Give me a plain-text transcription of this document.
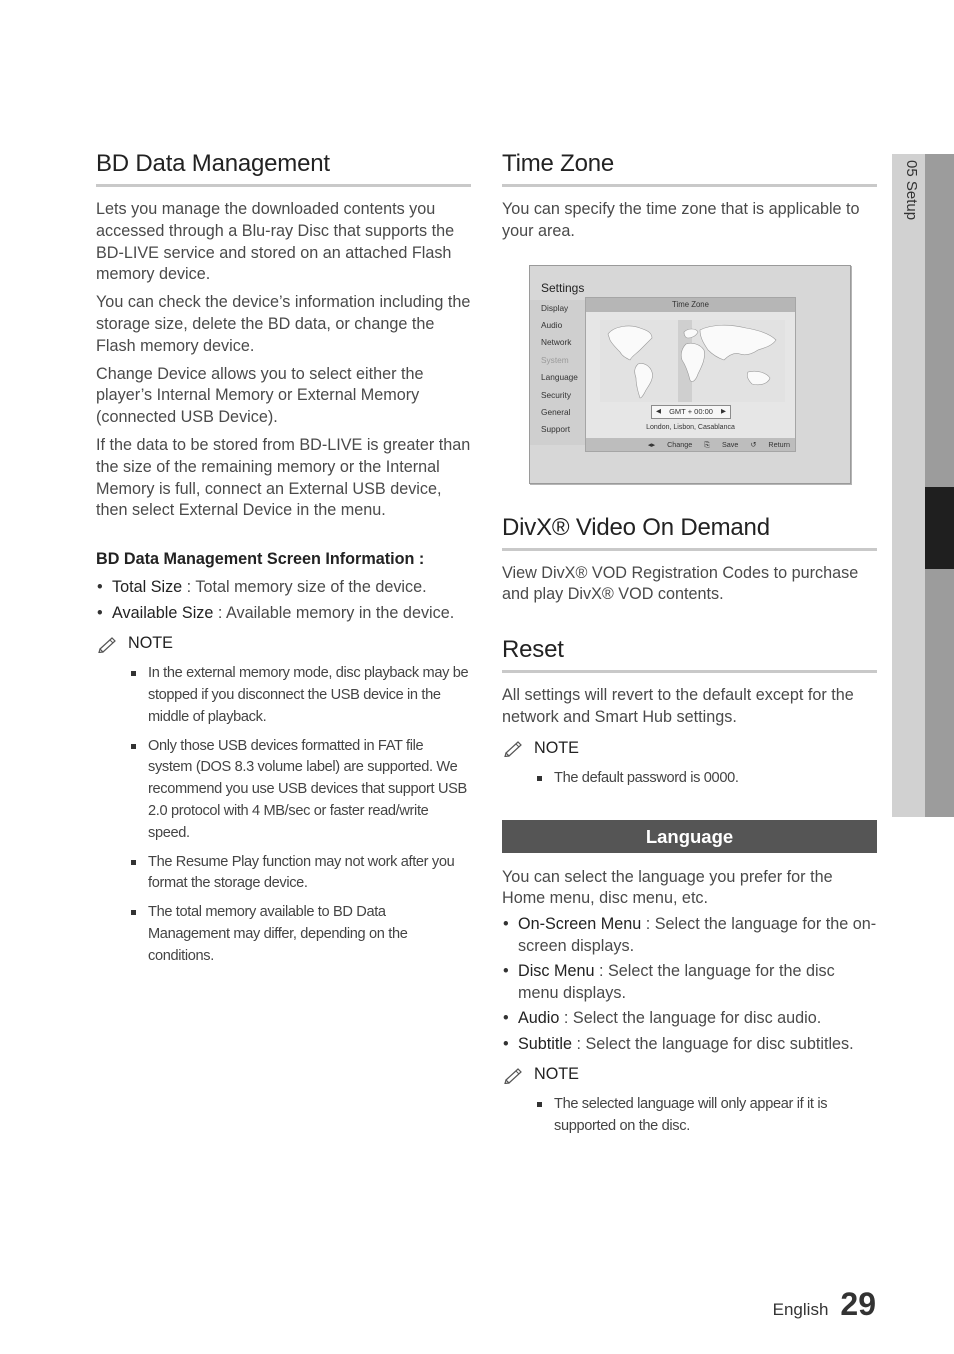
05 Setup
BD Data Management

Lets you manage the downloaded contents you accessed through a Blu-ray Disc that supports the BD-LIVE service and stored on an attached Flash memory device.

You can check the device’s information including the storage size, delete the BD data, or change the Flash memory device.

Change Device allows you to select either the player’s Internal Memory or External Memory (connected USB Device).

If the data to be stored from BD-LIVE is greater than the size of the remaining memory or the Internal Memory is full, connect an External USB device, then select External Device in the menu.

BD Data Management Screen Information :
• Total Size : Total memory size of the device.
• Available Size : Available memory in the device.
NOTE
In the external memory mode, disc playback may be stopped if you disconnect the USB device in the middle of playback.
Only those USB devices formatted in FAT file system (DOS 8.3 volume label) are supported. We recommend you use USB devices that support USB 2.0 protocol with 4 MB/sec or faster read/write speed.
The Resume Play function may not work after you format the storage device.
The total memory available to BD Data Management may differ, depending on the conditions.
Time Zone

You can specify the time zone that is applicable to your area.

Settings
Display
Audio
Network
System
Language
Security
General
Support
Time Zone
◀ GMT + 00:00 ▶
London, Lisbon, Casablanca
◂▸ Change ⎘ Save ↺ Return
DivX® Video On Demand

View DivX® VOD Registration Codes to purchase and play DivX® VOD contents.

Reset

All settings will revert to the default except for the network and Smart Hub settings.

NOTE
The default password is 0000.
Language

You can select the language you prefer for the Home menu, disc menu, etc.

• On-Screen Menu : Select the language for the on-screen displays.
• Disc Menu : Select the language for the disc menu displays.
• Audio : Select the language for disc audio.
• Subtitle : Select the language for disc subtitles.
NOTE
The selected language will only appear if it is supported on the disc.
English 29
